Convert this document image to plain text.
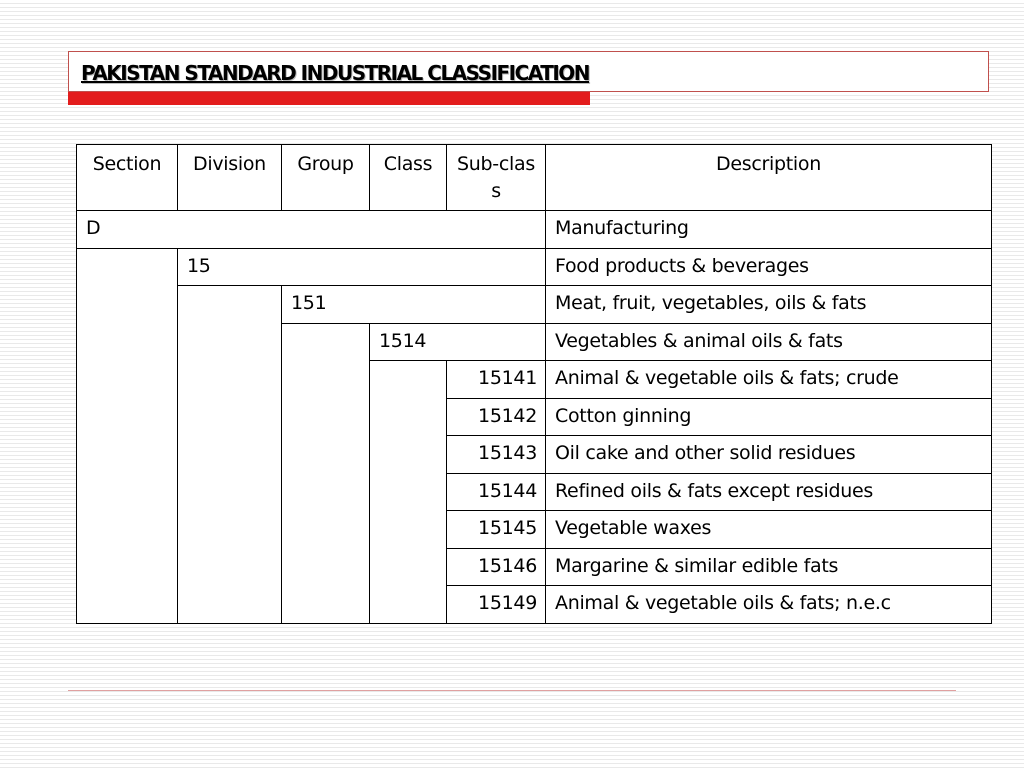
PAKISTAN STANDARD INDUSTRIAL CLASSIFICATION
Section	Division	Group	Class	Sub-class	Description
D					Manufacturing
	15				Food products & beverages
		151			Meat, fruit, vegetables, oils & fats
			1514		Vegetables & animal oils & fats
				15141	Animal & vegetable oils & fats; crude
				15142	Cotton ginning
				15143	Oil cake and other solid residues
				15144	Refined oils & fats except residues
				15145	Vegetable waxes
				15146	Margarine & similar edible fats
				15149	Animal & vegetable oils & fats; n.e.c
